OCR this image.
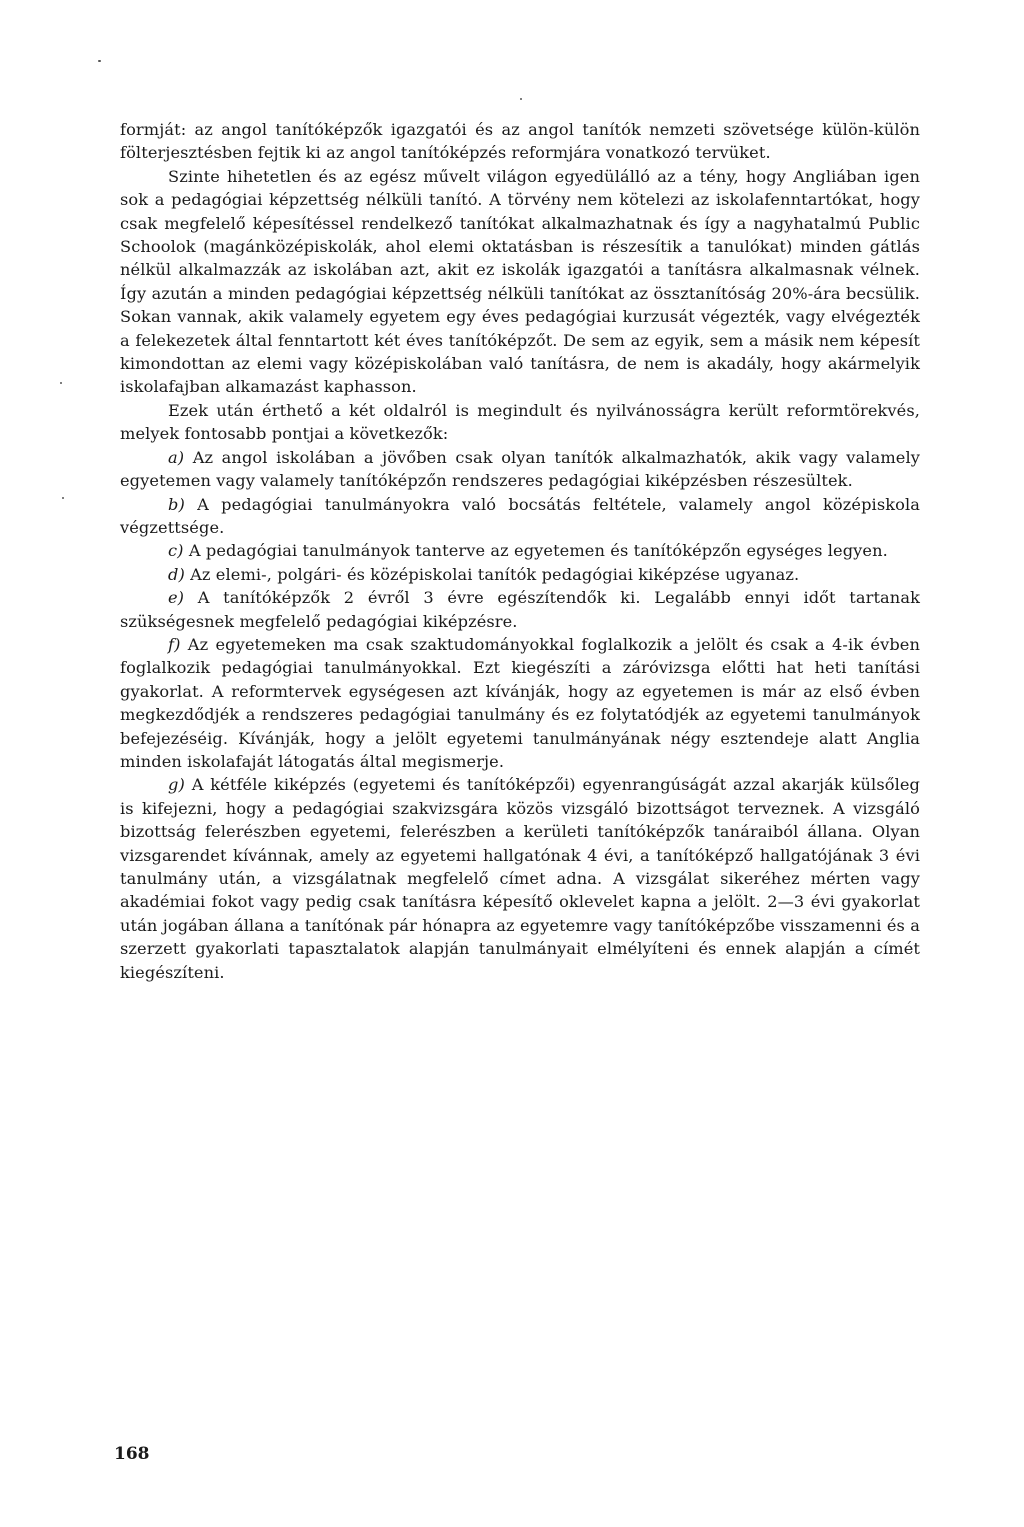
formját: az angol tanítóképzők igazgatói és az angol tanítók nemzeti szövetsége külön-külön fölterjesztésben fejtik ki az angol tanítóképzés reformjára vonatkozó tervüket.

Szinte hihetetlen és az egész művelt világon egyedülálló az a tény, hogy Angliában igen sok a pedagógiai képzettség nélküli tanító. A törvény nem kötelezi az iskolafenntartókat, hogy csak megfelelő képesítéssel rendelkező tanítókat alkalmazhatnak és így a nagyhatalmú Public Schoolok (magánközépiskolák, ahol elemi oktatásban is részesítik a tanulókat) minden gátlás nélkül alkalmazzák az iskolában azt, akit ez iskolák igazgatói a tanításra alkalmasnak vélnek. Így azután a minden pedagógiai képzettség nélküli tanítókat az össztanítóság 20%-ára becsülik. Sokan vannak, akik valamely egyetem egy éves pedagógiai kurzusát végezték, vagy elvégezték a felekezetek által fenntartott két éves tanítóképzőt. De sem az egyik, sem a másik nem képesít kimondottan az elemi vagy középiskolában való tanításra, de nem is akadály, hogy akármelyik iskolafajban alkamazást kaphasson.

Ezek után érthető a két oldalról is megindult és nyilvánosságra került reformtörekvés, melyek fontosabb pontjai a következők:

a) Az angol iskolában a jövőben csak olyan tanítók alkalmazhatók, akik vagy valamely egyetemen vagy valamely tanítóképzőn rendszeres pedagógiai kiképzésben részesültek.

b) A pedagógiai tanulmányokra való bocsátás feltétele, valamely angol középiskola végzettsége.

c) A pedagógiai tanulmányok tanterve az egyetemen és tanítóképzőn egységes legyen.

d) Az elemi-, polgári- és középiskolai tanítók pedagógiai kiképzése ugyanaz.

e) A tanítóképzők 2 évről 3 évre egészítendők ki. Legalább ennyi időt tartanak szükségesnek megfelelő pedagógiai kiképzésre.

f) Az egyetemeken ma csak szaktudományokkal foglalkozik a jelölt és csak a 4-ik évben foglalkozik pedagógiai tanulmányokkal. Ezt kiegészíti a záróvizsga előtti hat heti tanítási gyakorlat. A reformtervek egységesen azt kívánják, hogy az egyetemen is már az első évben megkezdődjék a rendszeres pedagógiai tanulmány és ez folytatódjék az egyetemi tanulmányok befejezéséig. Kívánják, hogy a jelölt egyetemi tanulmányának négy esztendeje alatt Anglia minden iskolafaját látogatás által megismerje.

g) A kétféle kiképzés (egyetemi és tanítóképzői) egyenrangúságát azzal akarják külsőleg is kifejezni, hogy a pedagógiai szakvizsgára közös vizsgáló bizottságot terveznek. A vizsgáló bizottság felerészben egyetemi, felerészben a kerületi tanítóképzők tanáraiból állana. Olyan vizsgarendet kívánnak, amely az egyetemi hallgatónak 4 évi, a tanítóképző hallgatójának 3 évi tanulmány után, a vizsgálatnak megfelelő címet adna. A vizsgálat sikeréhez mérten vagy akadémiai fokot vagy pedig csak tanításra képesítő oklevelet kapna a jelölt. 2—3 évi gyakorlat után jogában állana a tanítónak pár hónapra az egyetemre vagy tanítóképzőbe visszamenni és a szerzett gyakorlati tapasztalatok alapján tanulmányait elmélyíteni és ennek alapján a címét kiegészíteni.

168
